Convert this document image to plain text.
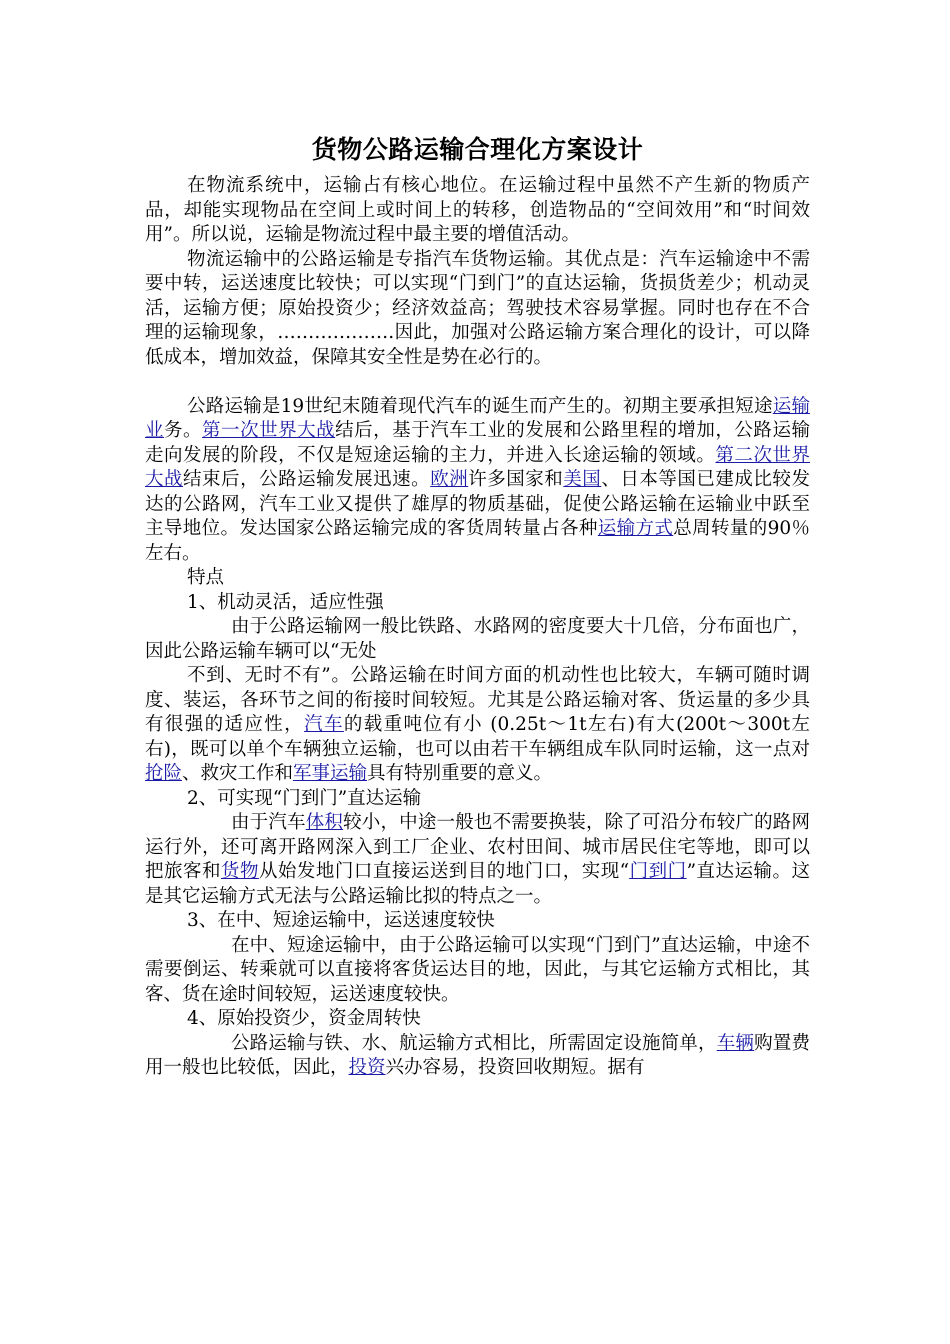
货物公路运输合理化方案设计

在物流系统中，运输占有核心地位。在运输过程中虽然不产生新的物质产品，却能实现物品在空间上或时间上的转移，创造物品的“空间效用”和“时间效用”。所以说，运输是物流过程中最主要的增值活动。

物流运输中的公路运输是专指汽车货物运输。其优点是：汽车运输途中不需要中转，运送速度比较快；可以实现“门到门”的直达运输，货损货差少；机动灵活，运输方便；原始投资少；经济效益高；驾驶技术容易掌握。同时也存在不合理的运输现象，……………….因此，加强对公路运输方案合理化的设计，可以降低成本，增加效益，保障其安全性是势在必行的。

公路运输是19世纪末随着现代汽车的诞生而产生的。初期主要承担短途运输业务。第一次世界大战结后，基于汽车工业的发展和公路里程的增加，公路运输走向发展的阶段，不仅是短途运输的主力，并进入长途运输的领域。第二次世界大战结束后，公路运输发展迅速。欧洲许多国家和美国、日本等国已建成比较发达的公路网，汽车工业又提供了雄厚的物质基础，促使公路运输在运输业中跃至主导地位。发达国家公路运输完成的客货周转量占各种运输方式总周转量的90％左右。

特点

1、机动灵活，适应性强

由于公路运输网一般比铁路、水路网的密度要大十几倍，分布面也广，因此公路运输车辆可以“无处

不到、无时不有”。公路运输在时间方面的机动性也比较大，车辆可随时调度、装运，各环节之间的衔接时间较短。尤其是公路运输对客、货运量的多少具有很强的适应性，汽车的载重吨位有小 (0.25t～1t左右)有大(200t～300t左右)，既可以单个车辆独立运输，也可以由若干车辆组成车队同时运输，这一点对抢险、救灾工作和军事运输具有特别重要的意义。

2、可实现“门到门”直达运输

由于汽车体积较小，中途一般也不需要换装，除了可沿分布较广的路网运行外，还可离开路网深入到工厂企业、农村田间、城市居民住宅等地，即可以把旅客和货物从始发地门口直接运送到目的地门口，实现“门到门”直达运输。这是其它运输方式无法与公路运输比拟的特点之一。

3、在中、短途运输中，运送速度较快

在中、短途运输中，由于公路运输可以实现“门到门”直达运输，中途不需要倒运、转乘就可以直接将客货运达目的地，因此，与其它运输方式相比，其客、货在途时间较短，运送速度较快。

4、原始投资少，资金周转快

公路运输与铁、水、航运输方式相比，所需固定设施简单，车辆购置费用一般也比较低，因此，投资兴办容易，投资回收期短。据有
